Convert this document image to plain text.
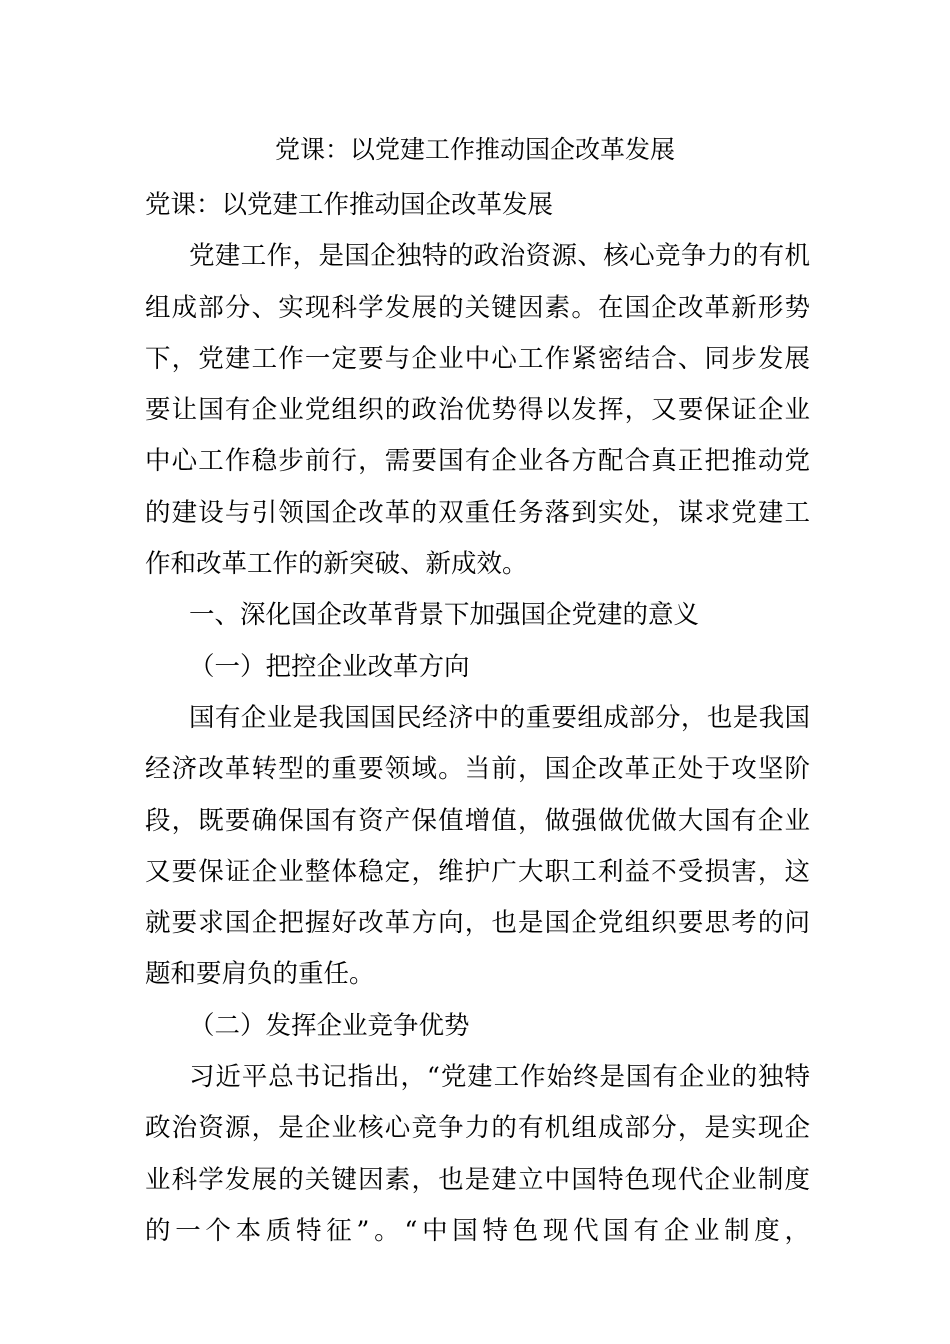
党课：以党建工作推动国企改革发展
党课：以党建工作推动国企改革发展
党建工作，是国企独特的政治资源、核心竞争力的有机
组成部分、实现科学发展的关键因素。在国企改革新形势
下，党建工作一定要与企业中心工作紧密结合、同步发展
要让国有企业党组织的政治优势得以发挥，又要保证企业
中心工作稳步前行，需要国有企业各方配合真正把推动党
的建设与引领国企改革的双重任务落到实处，谋求党建工
作和改革工作的新突破、新成效。
一、深化国企改革背景下加强国企党建的意义
（一）把控企业改革方向
国有企业是我国国民经济中的重要组成部分，也是我国
经济改革转型的重要领域。当前，国企改革正处于攻坚阶
段，既要确保国有资产保值增值，做强做优做大国有企业
又要保证企业整体稳定，维护广大职工利益不受损害，这
就要求国企把握好改革方向，也是国企党组织要思考的问
题和要肩负的重任。
（二）发挥企业竞争优势
习近平总书记指出，“党建工作始终是国有企业的独特
政治资源，是企业核心竞争力的有机组成部分，是实现企
业科学发展的关键因素，也是建立中国特色现代企业制度
的一个本质特征”。“中国特色现代国有企业制度，
